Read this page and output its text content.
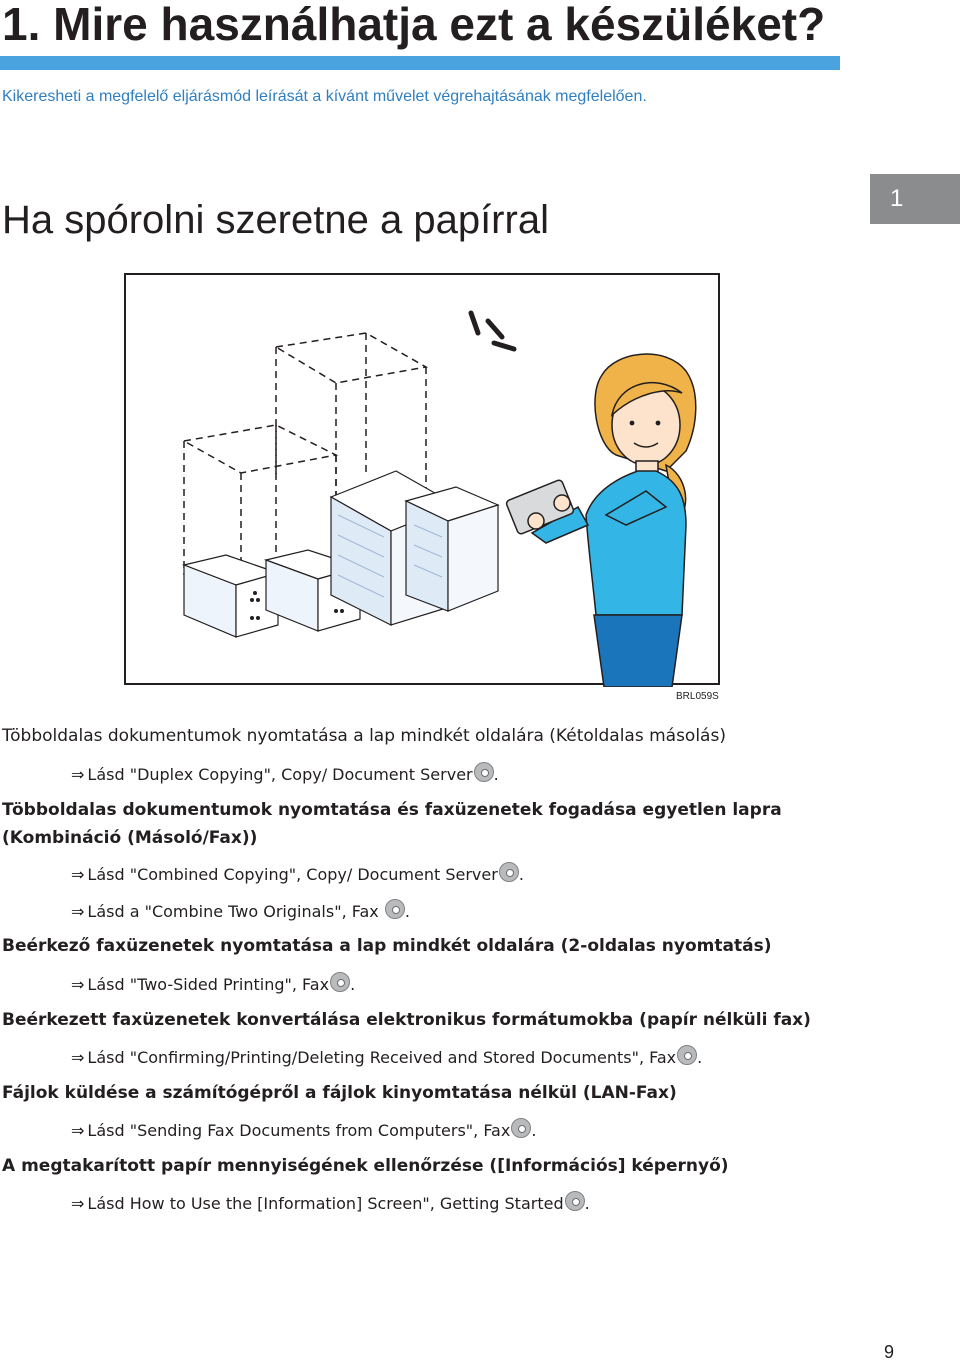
1. Mire használhatja ezt a készüléket?

Kikeresheti a megfelelő eljárásmód leírását a kívánt művelet végrehajtásának megfelelően.

Ha spórolni szeretne a papírral	1
BRL059S

Többoldalas dokumentumok nyomtatása a lap mindkét oldalára (Kétoldalas másolás)

⇒ Lásd "Duplex Copying", Copy/ Document Server .

Többoldalas dokumentumok nyomtatása és faxüzenetek fogadása egyetlen lapra

(Kombináció (Másoló/Fax))

⇒ Lásd "Combined Copying", Copy/ Document Server .

⇒ Lásd a "Combine Two Originals", Fax .

Beérkező faxüzenetek nyomtatása a lap mindkét oldalára (2-oldalas nyomtatás)

⇒ Lásd "Two-Sided Printing", Fax .

Beérkezett faxüzenetek konvertálása elektronikus formátumokba (papír nélküli fax)

⇒ Lásd "Confirming/Printing/Deleting Received and Stored Documents", Fax .

Fájlok küldése a számítógépről a fájlok kinyomtatása nélkül (LAN-Fax)

⇒ Lásd "Sending Fax Documents from Computers", Fax .

A megtakarított papír mennyiségének ellenőrzése ([Információs] képernyő)

⇒ Lásd How to Use the [Information] Screen", Getting Started .

9
